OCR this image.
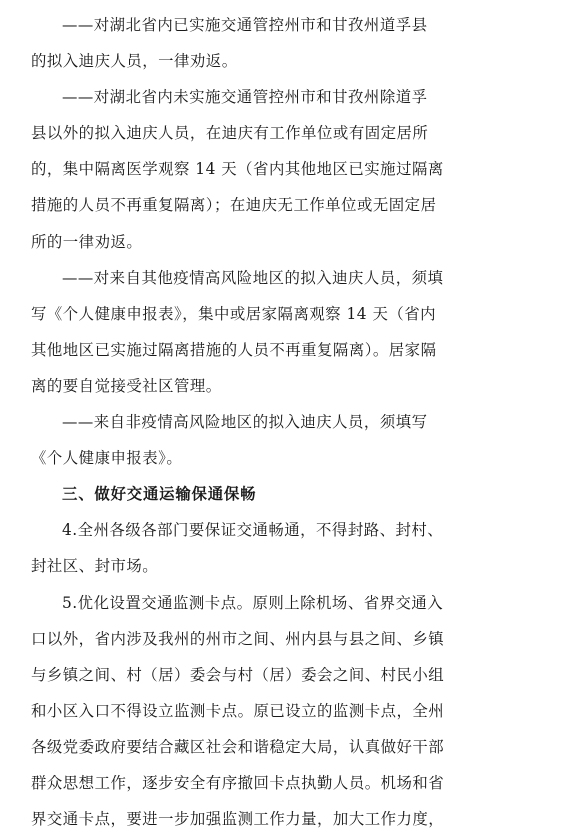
——对湖北省内已实施交通管控州市和甘孜州道孚县
的拟入迪庆人员，一律劝返。
——对湖北省内未实施交通管控州市和甘孜州除道孚
县以外的拟入迪庆人员，在迪庆有工作单位或有固定居所
的，集中隔离医学观察 14 天（省内其他地区已实施过隔离
措施的人员不再重复隔离）；在迪庆无工作单位或无固定居
所的一律劝返。
——对来自其他疫情高风险地区的拟入迪庆人员，须填
写《个人健康申报表》，集中或居家隔离观察 14 天（省内
其他地区已实施过隔离措施的人员不再重复隔离）。居家隔
离的要自觉接受社区管理。
——来自非疫情高风险地区的拟入迪庆人员，须填写
《个人健康申报表》。
三、做好交通运输保通保畅
4.全州各级各部门要保证交通畅通，不得封路、封村、
封社区、封市场。
5.优化设置交通监测卡点。原则上除机场、省界交通入
口以外，省内涉及我州的州市之间、州内县与县之间、乡镇
与乡镇之间、村（居）委会与村（居）委会之间、村民小组
和小区入口不得设立监测卡点。原已设立的监测卡点，全州
各级党委政府要结合藏区社会和谐稳定大局，认真做好干部
群众思想工作，逐步安全有序撤回卡点执勤人员。机场和省
界交通卡点，要进一步加强监测工作力量，加大工作力度，
